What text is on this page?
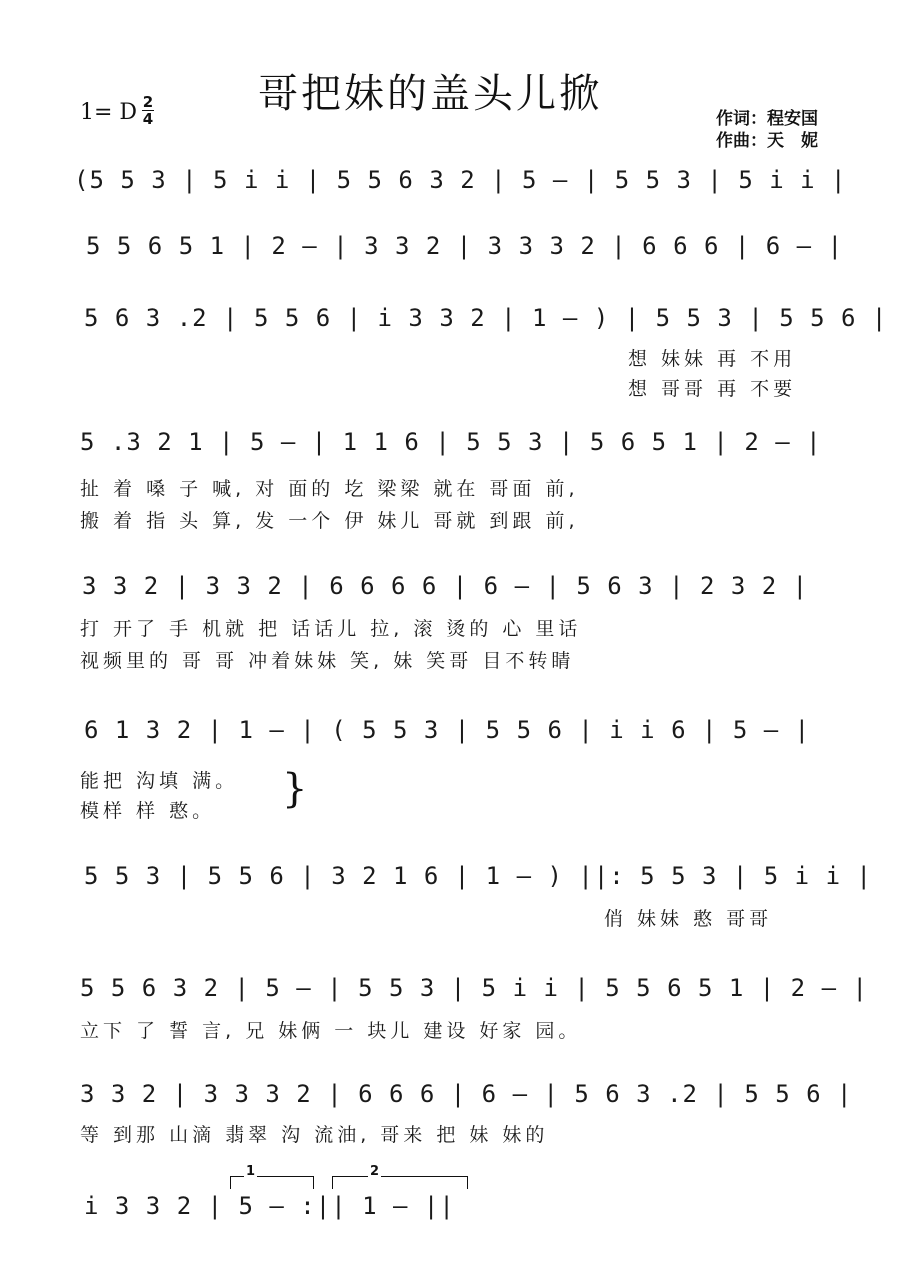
哥把妹的盖头儿掀
1= D 2
4	作词：程安国
作曲：天　妮
(5 5 3 | 5 i i | 5 5 6 3 2 | 5 — | 5 5 3 | 5 i i |
5 5 6 5 1 | 2 — | 3 3 2 | 3 3 3 2 | 6 6 6 | 6 — |
5 6 3 .2 | 5 5 6 | i 3 3 2 | 1 — ) | 5 5 3 | 5 5 6 |
想 妹妹 再 不用
想 哥哥 再 不要
5 .3 2 1 | 5 — | 1 1 6 | 5 5 3 | 5 6 5 1 | 2 — |
扯 着 嗓 子 喊, 对 面的 圪 梁梁 就在 哥面 前,
搬 着 指 头 算, 发 一个 伊 妹儿 哥就 到跟 前,
3 3 2 | 3 3 2 | 6 6 6 6 | 6 — | 5 6 3 | 2 3 2 |
打 开了 手 机就 把 话话儿 拉, 滚 烫的 心 里话
视频里的 哥 哥 冲着妹妹 笑, 妹 笑哥 目不转睛
6 1 3 2 | 1 — | ( 5 5 3 | 5 5 6 | i i 6 | 5 — |
能把 沟填 满。
模样 样 憨。 }
5 5 3 | 5 5 6 | 3 2 1 6 | 1 — ) ||: 5 5 3 | 5 i i |
俏 妹妹 憨 哥哥
5 5 6 3 2 | 5 — | 5 5 3 | 5 i i | 5 5 6 5 1 | 2 — |
立下 了 誓 言, 兄 妹俩 一 块儿 建设 好家 园。
3 3 2 | 3 3 3 2 | 6 6 6 | 6 — | 5 6 3 .2 | 5 5 6 |
等 到那 山滴 翡翠 沟 流油, 哥来 把 妹 妹的
1	2
i 3 3 2 | 5 — :|| 1 — ||
